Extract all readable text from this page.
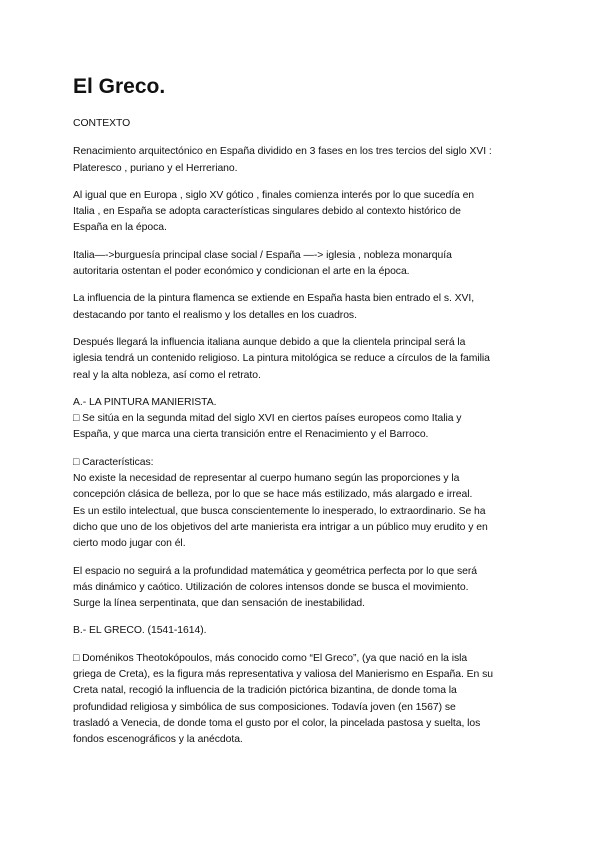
El Greco.

CONTEXTO

Renacimiento arquitectónico en España dividido en 3 fases en los tres tercios del siglo XVI :
Plateresco , puriano y el Herreriano.

Al igual que en Europa , siglo XV gótico , finales comienza interés por lo que sucedía en
Italia , en España se adopta características singulares debido al contexto histórico de
España en la época.

Italia—->burguesía principal clase social / España —-> iglesia , nobleza monarquía
autoritaria ostentan el poder económico y condicionan el arte en la época.

La influencia de la pintura flamenca se extiende en España hasta bien entrado el s. XVI,
destacando por tanto el realismo y los detalles en los cuadros.

Después llegará la influencia italiana aunque debido a que la clientela principal será la
iglesia tendrá un contenido religioso. La pintura mitológica se reduce a círculos de la familia
real y la alta nobleza, así como el retrato.

A.- LA PINTURA MANIERISTA.
□ Se sitúa en la segunda mitad del siglo XVI en ciertos países europeos como Italia y
España, y que marca una cierta transición entre el Renacimiento y el Barroco.

□ Características:
No existe la necesidad de representar al cuerpo humano según las proporciones y la
concepción clásica de belleza, por lo que se hace más estilizado, más alargado e irreal.
Es un estilo intelectual, que busca conscientemente lo inesperado, lo extraordinario. Se ha
dicho que uno de los objetivos del arte manierista era intrigar a un público muy erudito y en
cierto modo jugar con él.

El espacio no seguirá a la profundidad matemática y geométrica perfecta por lo que será
más dinámico y caótico. Utilización de colores intensos donde se busca el movimiento.
Surge la línea serpentinata, que dan sensación de inestabilidad.

B.- EL GRECO. (1541-1614).

□ Doménikos Theotokópoulos, más conocido como “El Greco”, (ya que nació en la isla
griega de Creta), es la figura más representativa y valiosa del Manierismo en España. En su
Creta natal, recogió la influencia de la tradición pictórica bizantina, de donde toma la
profundidad religiosa y simbólica de sus composiciones. Todavía joven (en 1567) se
trasladó a Venecia, de donde toma el gusto por el color, la pincelada pastosa y suelta, los
fondos escenográficos y la anécdota.
